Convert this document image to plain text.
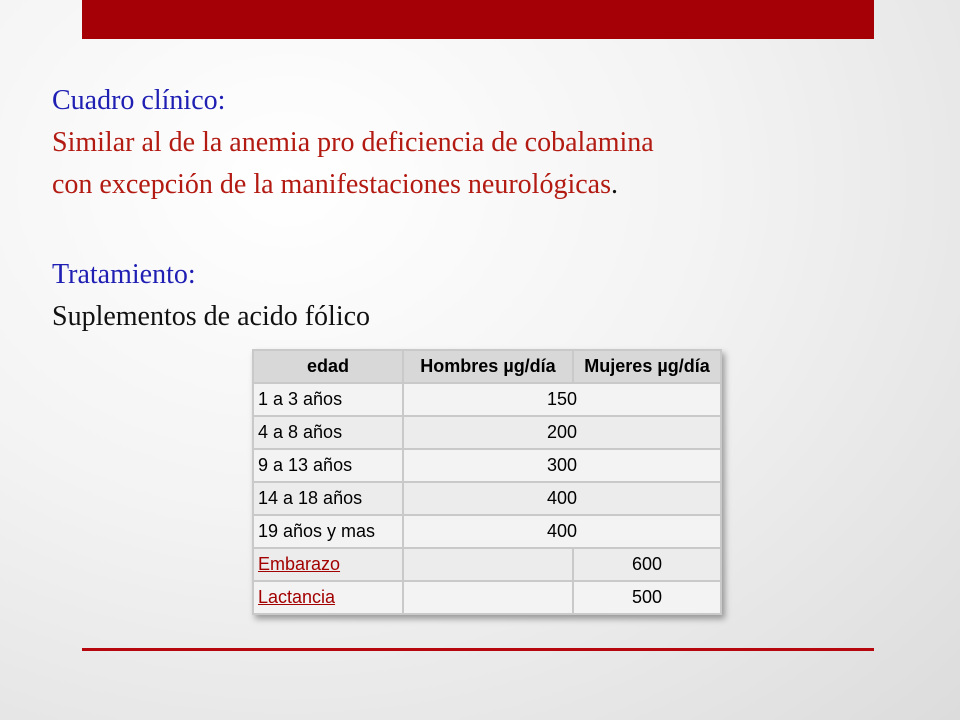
Cuadro clínico:
Similar al de la anemia pro deficiencia de cobalamina
con excepción de la manifestaciones neurológicas.
Tratamiento:
Suplementos de acido fólico
edad	Hombres µg/día	Mujeres µg/día
1 a 3 años	150	
4 a 8 años	200	
9 a 13 años	300	
14 a 18 años	400	
19 años y mas	400	
Embarazo		600
Lactancia		500
